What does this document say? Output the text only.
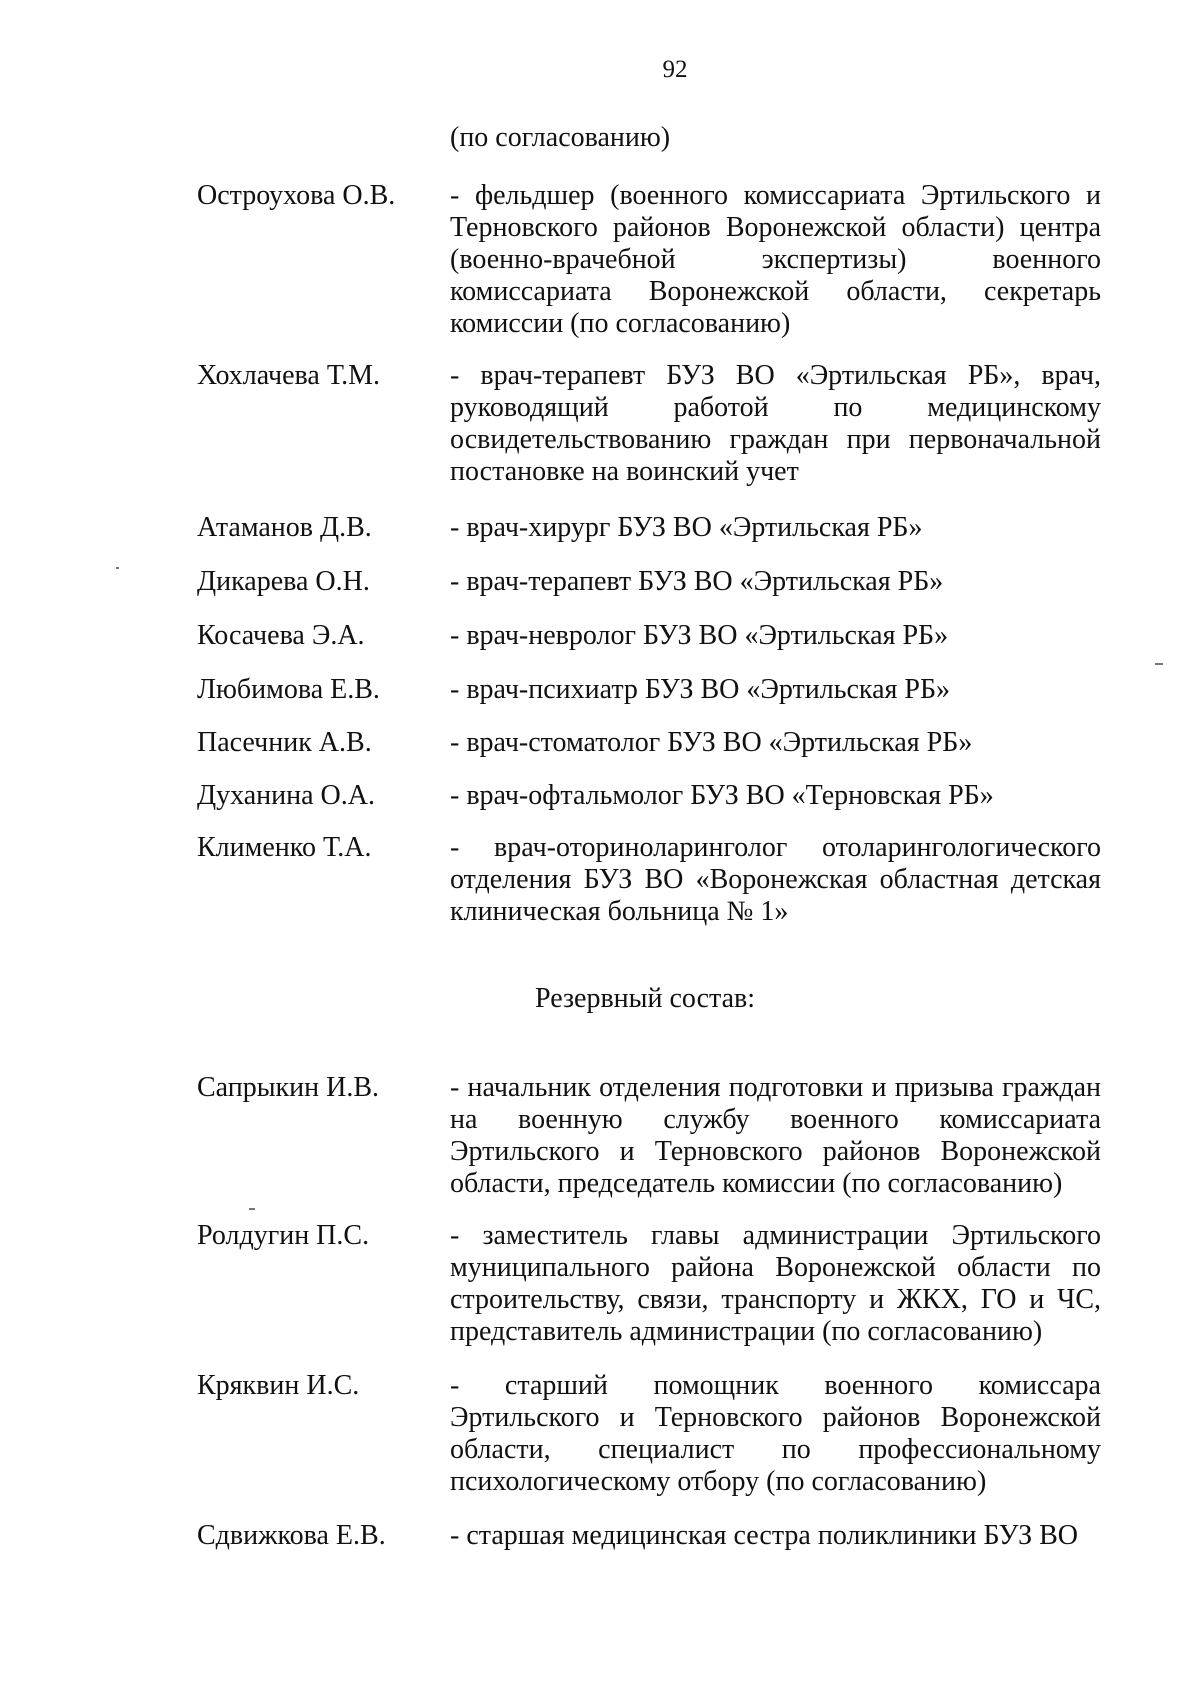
92
(по согласованию)
Остроухова О.В. - фельдшер (военного комиссариата Эртильского и Терновского районов Воронежской области) центра (военно-врачебной экспертизы) военного комиссариата Воронежской области, секретарь комиссии (по согласованию)
Хохлачева Т.М. - врач-терапевт БУЗ ВО «Эртильская РБ», врач, руководящий работой по медицинскому освидетельствованию граждан при первоначальной постановке на воинский учет
Атаманов Д.В.	- врач-хирург БУЗ ВО «Эртильская РБ»
Дикарева О.Н.	- врач-терапевт БУЗ ВО «Эртильская РБ»
Косачева Э.А.	- врач-невролог БУЗ ВО «Эртильская РБ»
Любимова Е.В.	- врач-психиатр БУЗ ВО «Эртильская РБ»
Пасечник А.В.	- врач-стоматолог БУЗ ВО «Эртильская РБ»
Духанина О.А.	- врач-офтальмолог БУЗ ВО «Терновская РБ»
Клименко Т.А.	- врач-оториноларинголог отоларингологического отделения БУЗ ВО «Воронежская областная детская клиническая больница № 1»
Резервный состав:
Сапрыкин И.В.	- начальник отделения подготовки и призыва граждан на военную службу военного комиссариата Эртильского и Терновского районов Воронежской области, председатель комиссии (по согласованию)
Ролдугин П.С.	- заместитель главы администрации Эртильского муниципального района Воронежской области по строительству, связи, транспорту и ЖКХ, ГО и ЧС, представитель администрации (по согласованию)
Кряквин И.С.	- старший помощник военного комиссара Эртильского и Терновского районов Воронежской области, специалист по профессиональному психологическому отбору (по согласованию)
Сдвижкова Е.В. - старшая медицинская сестра поликлиники БУЗ ВО
